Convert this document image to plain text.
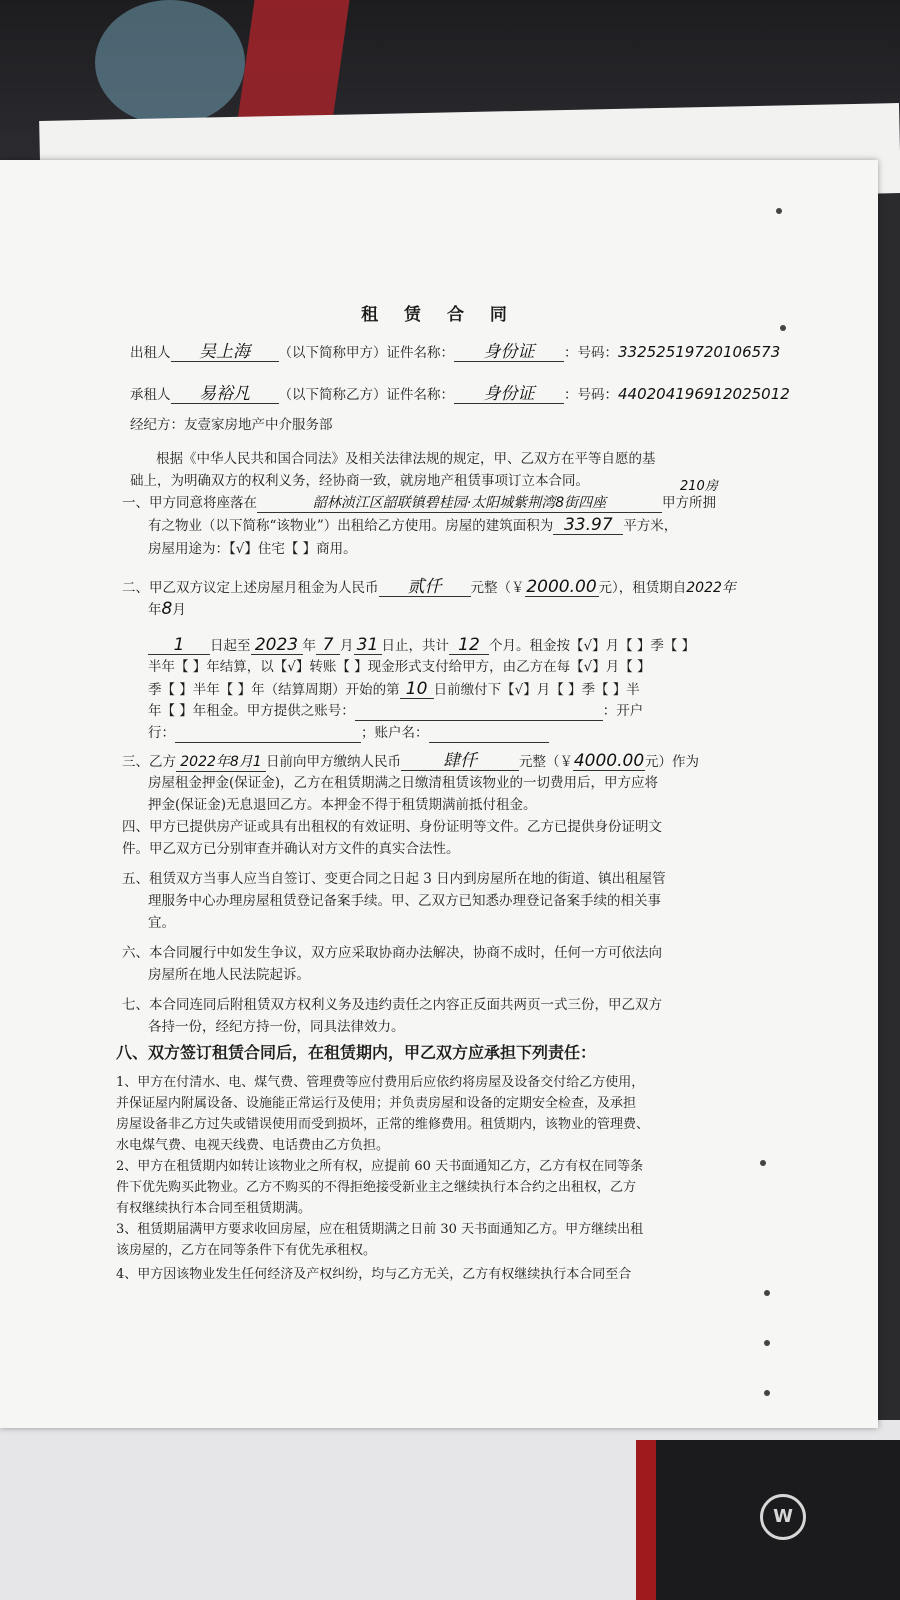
W
租 赁 合 同
出租人 吴上海 （以下简称甲方）证件名称： 身份证 ：号码：33252519720106573
承租人 易裕凡 （以下简称乙方）证件名称： 身份证 ：号码：440204196912025012
经纪方：友壹家房地产中介服务部
根据《中华人民共和国合同法》及相关法律法规的规定，甲、乙双方在平等自愿的基
础上，为明确双方的权利义务，经协商一致，就房地产租赁事项订立本合同。
一、甲方同意将座落在	韶林浈江区韶联镇碧桂园·太阳城紫荆湾8街四座	甲方所拥
210房
有之物业（以下简称“该物业”）出租给乙方使用。房屋的建筑面积为 33.97 平方米，
房屋用途为：【√】住宅【 】商用。
二、甲乙双方议定上述房屋月租金为人民币 贰仟 元整（￥ 2000.00 元），租赁期自2022年
年8月
1 日起至 2023 年 7 月 31 日止，共计 12 个月。租金按【√】月【 】季【 】
半年【 】年结算，以【√】转账【 】现金形式支付给甲方，由乙方在每【√】月【 】
季【 】半年【 】年（结算周期）开始的第 10 日前缴付下【√】月【 】季【 】半
年【 】年租金。甲方提供之账号：	：开户
行：	；账户名：
三、乙方 2022年8月1 日前向甲方缴纳人民币 肆仟	元整（￥4000.00元）作为
房屋租金押金(保证金)，乙方在租赁期满之日缴清租赁该物业的一切费用后，甲方应将
押金(保证金)无息退回乙方。本押金不得于租赁期满前抵付租金。
四、甲方已提供房产证或具有出租权的有效证明、身份证明等文件。乙方已提供身份证明文
件。甲乙双方已分别审查并确认对方文件的真实合法性。
五、租赁双方当事人应当自签订、变更合同之日起 3 日内到房屋所在地的街道、镇出租屋管
理服务中心办理房屋租赁登记备案手续。甲、乙双方已知悉办理登记备案手续的相关事
宜。
六、本合同履行中如发生争议，双方应采取协商办法解决，协商不成时，任何一方可依法向
房屋所在地人民法院起诉。
七、本合同连同后附租赁双方权利义务及违约责任之内容正反面共两页一式三份，甲乙双方
各持一份，经纪方持一份，同具法律效力。
八、双方签订租赁合同后，在租赁期内，甲乙双方应承担下列责任：
1、甲方在付清水、电、煤气费、管理费等应付费用后应依约将房屋及设备交付给乙方使用，
并保证屋内附属设备、设施能正常运行及使用；并负责房屋和设备的定期安全检查，及承担
房屋设备非乙方过失或错误使用而受到损坏，正常的维修费用。租赁期内，该物业的管理费、
水电煤气费、电视天线费、电话费由乙方负担。
2、甲方在租赁期内如转让该物业之所有权，应提前 60 天书面通知乙方，乙方有权在同等条
件下优先购买此物业。乙方不购买的不得拒绝接受新业主之继续执行本合约之出租权，乙方
有权继续执行本合同至租赁期满。
3、租赁期届满甲方要求收回房屋，应在租赁期满之日前 30 天书面通知乙方。甲方继续出租
该房屋的，乙方在同等条件下有优先承租权。
4、甲方因该物业发生任何经济及产权纠纷，均与乙方无关，乙方有权继续执行本合同至合
